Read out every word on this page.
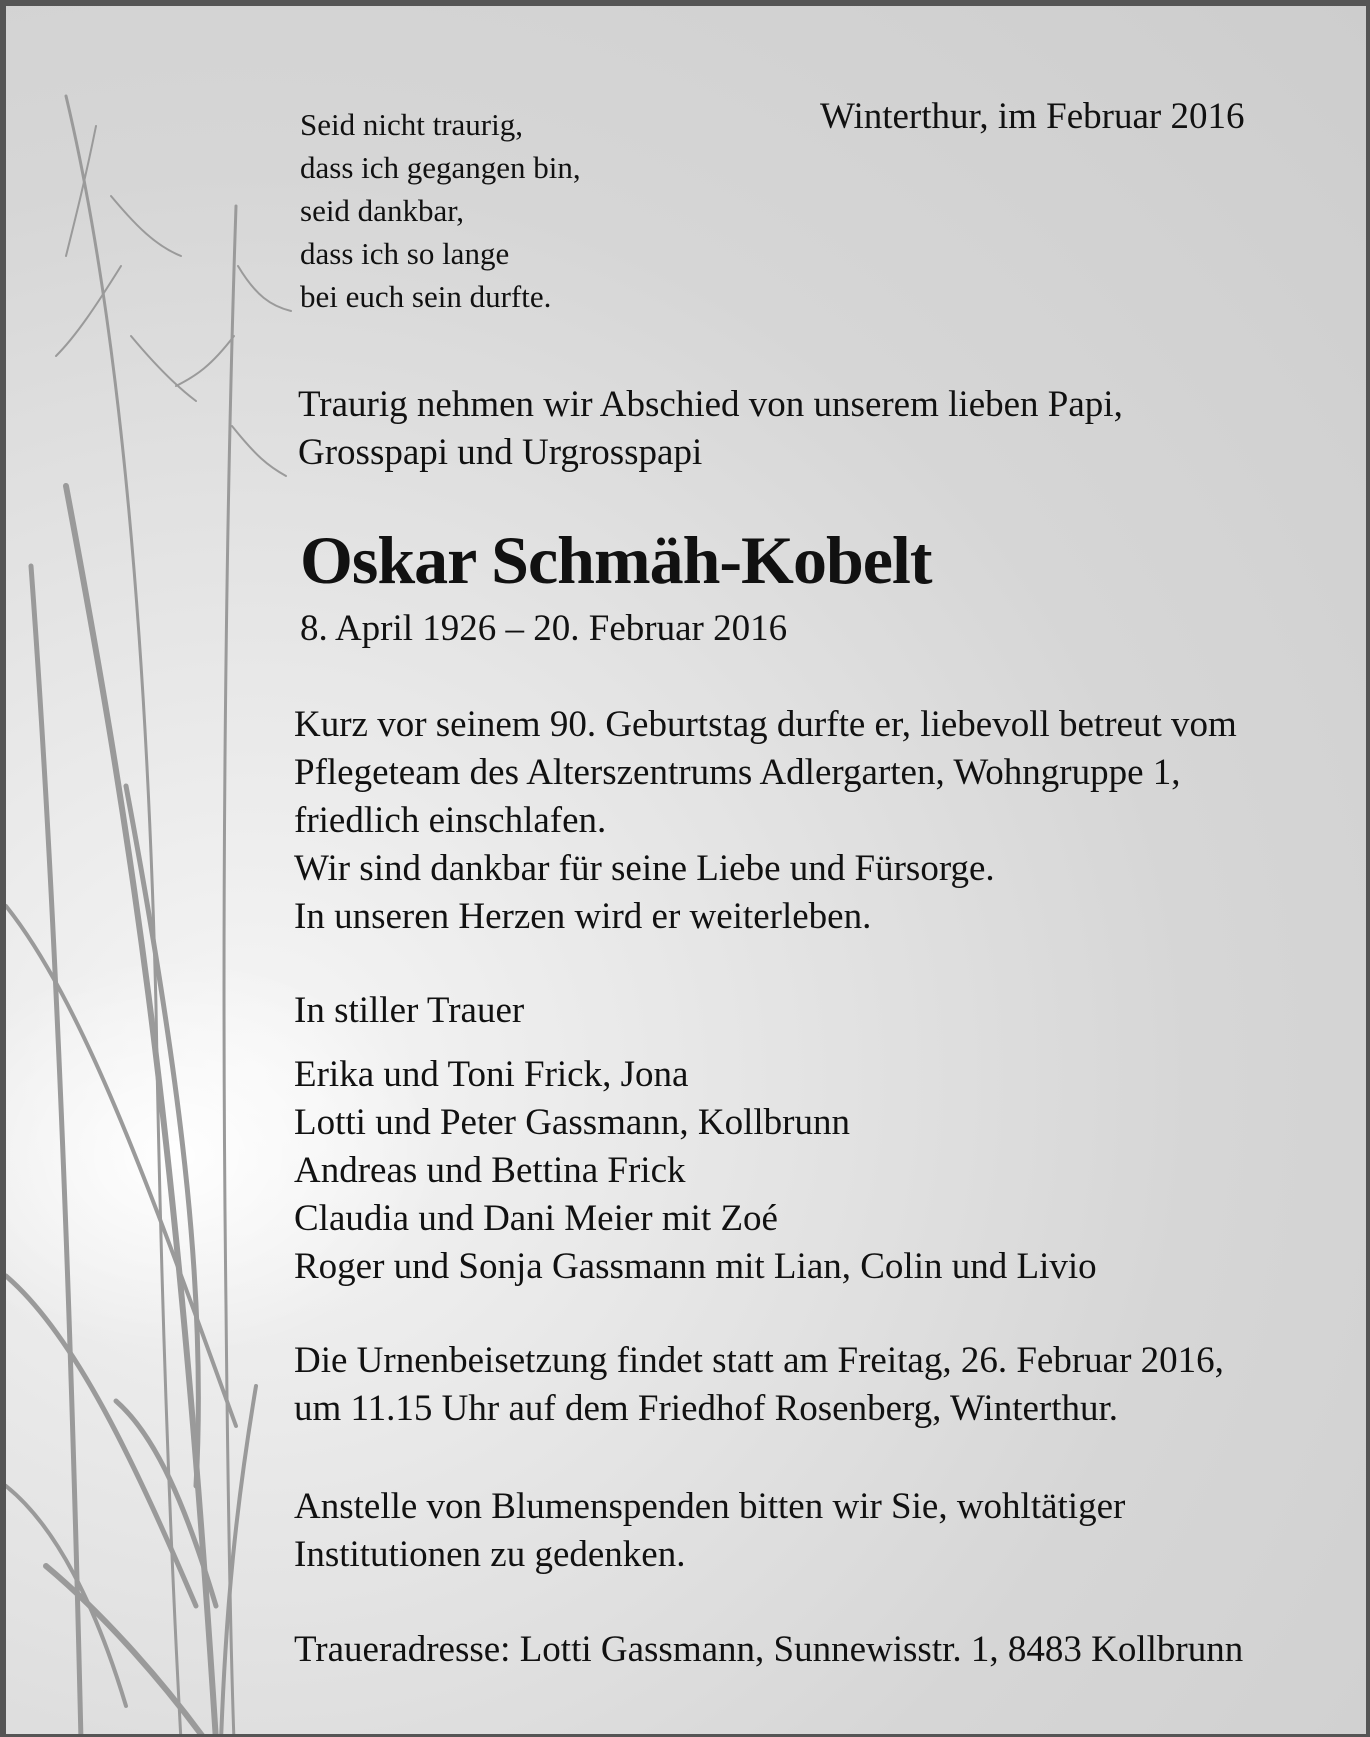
Seid nicht traurig,
dass ich gegangen bin,
seid dankbar,
dass ich so lange
bei euch sein durfte.
Winterthur, im Februar 2016
Traurig nehmen wir Abschied von unserem lieben Papi,
Grosspapi und Urgrosspapi
Oskar Schmäh-Kobelt
8. April 1926 – 20. Februar 2016
Kurz vor seinem 90. Geburtstag durfte er, liebevoll betreut vom
Pflegeteam des Alterszentrums Adlergarten, Wohngruppe 1,
friedlich einschlafen.
Wir sind dankbar für seine Liebe und Fürsorge.
In unseren Herzen wird er weiterleben.
In stiller Trauer
Erika und Toni Frick, Jona
Lotti und Peter Gassmann, Kollbrunn
Andreas und Bettina Frick
Claudia und Dani Meier mit Zoé
Roger und Sonja Gassmann mit Lian, Colin und Livio
Die Urnenbeisetzung findet statt am Freitag, 26. Februar 2016,
um 11.15 Uhr auf dem Friedhof Rosenberg, Winterthur.
Anstelle von Blumenspenden bitten wir Sie, wohltätiger
Institutionen zu gedenken.
Traueradresse: Lotti Gassmann, Sunnewisstr. 1, 8483 Kollbrunn
